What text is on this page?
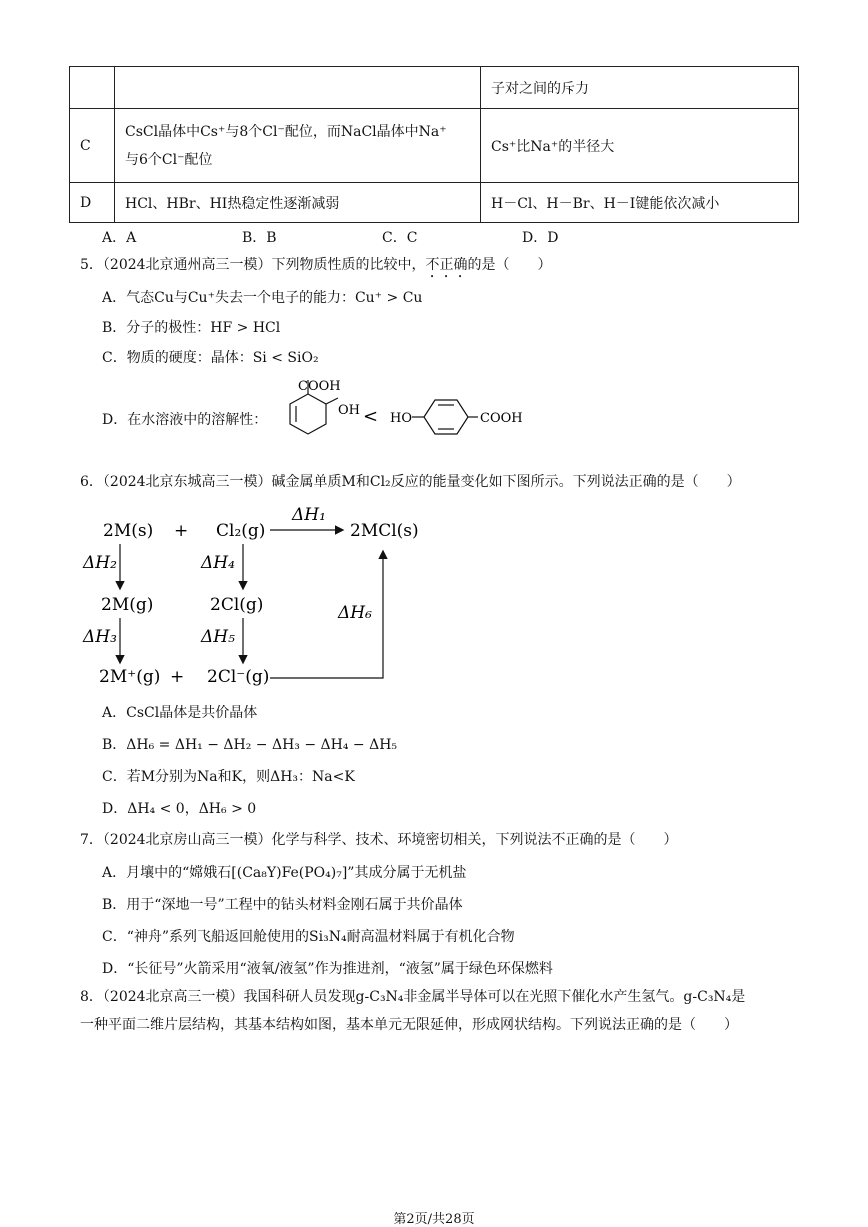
		子对之间的斥力
C	CsCl晶体中Cs⁺与8个Cl⁻配位，而NaCl晶体中Na⁺
与6个Cl⁻配位	Cs⁺比Na⁺的半径大
D	HCl、HBr、HI热稳定性逐渐减弱	H－Cl、H－Br、H－I键能依次减小
A．A	B．B	C．C	D．D
5．（2024北京通州高三一模）下列物质性质的比较中，不正确的是（　　）
A．气态Cu与Cu⁺失去一个电子的能力：Cu⁺ > Cu
B．分子的极性：HF > HCl
C．物质的硬度：晶体：Si < SiO₂
D．在水溶液中的溶解性：
COOH
OH < HO	COOH
6．（2024北京东城高三一模）碱金属单质M和Cl₂反应的能量变化如下图所示。下列说法正确的是（　　）
2M(s) + Cl₂(g)
ΔH₁
2MCl(s)
ΔH₂	ΔH₄
2M(g)	2Cl(g)
ΔH₃	ΔH₅
2M⁺(g) + 2Cl⁻(g)
ΔH₆
A．CsCl晶体是共价晶体
B．ΔH₆ = ΔH₁ − ΔH₂ − ΔH₃ − ΔH₄ − ΔH₅
C．若M分别为Na和K，则ΔH₃：Na<K
D．ΔH₄ < 0，ΔH₆ > 0
7．（2024北京房山高三一模）化学与科学、技术、环境密切相关，下列说法不正确的是（　　）
A．月壤中的“嫦娥石[(Ca₈Y)Fe(PO₄)₇]”其成分属于无机盐
B．用于“深地一号”工程中的钻头材料金刚石属于共价晶体
C．“神舟”系列飞船返回舱使用的Si₃N₄耐高温材料属于有机化合物
D．“长征号”火箭采用“液氧/液氢”作为推进剂，“液氢”属于绿色环保燃料
8．（2024北京高三一模）我国科研人员发现g-C₃N₄非金属半导体可以在光照下催化水产生氢气。g-C₃N₄是
一种平面二维片层结构，其基本结构如图，基本单元无限延伸，形成网状结构。下列说法正确的是（　　）
第2页/共28页
